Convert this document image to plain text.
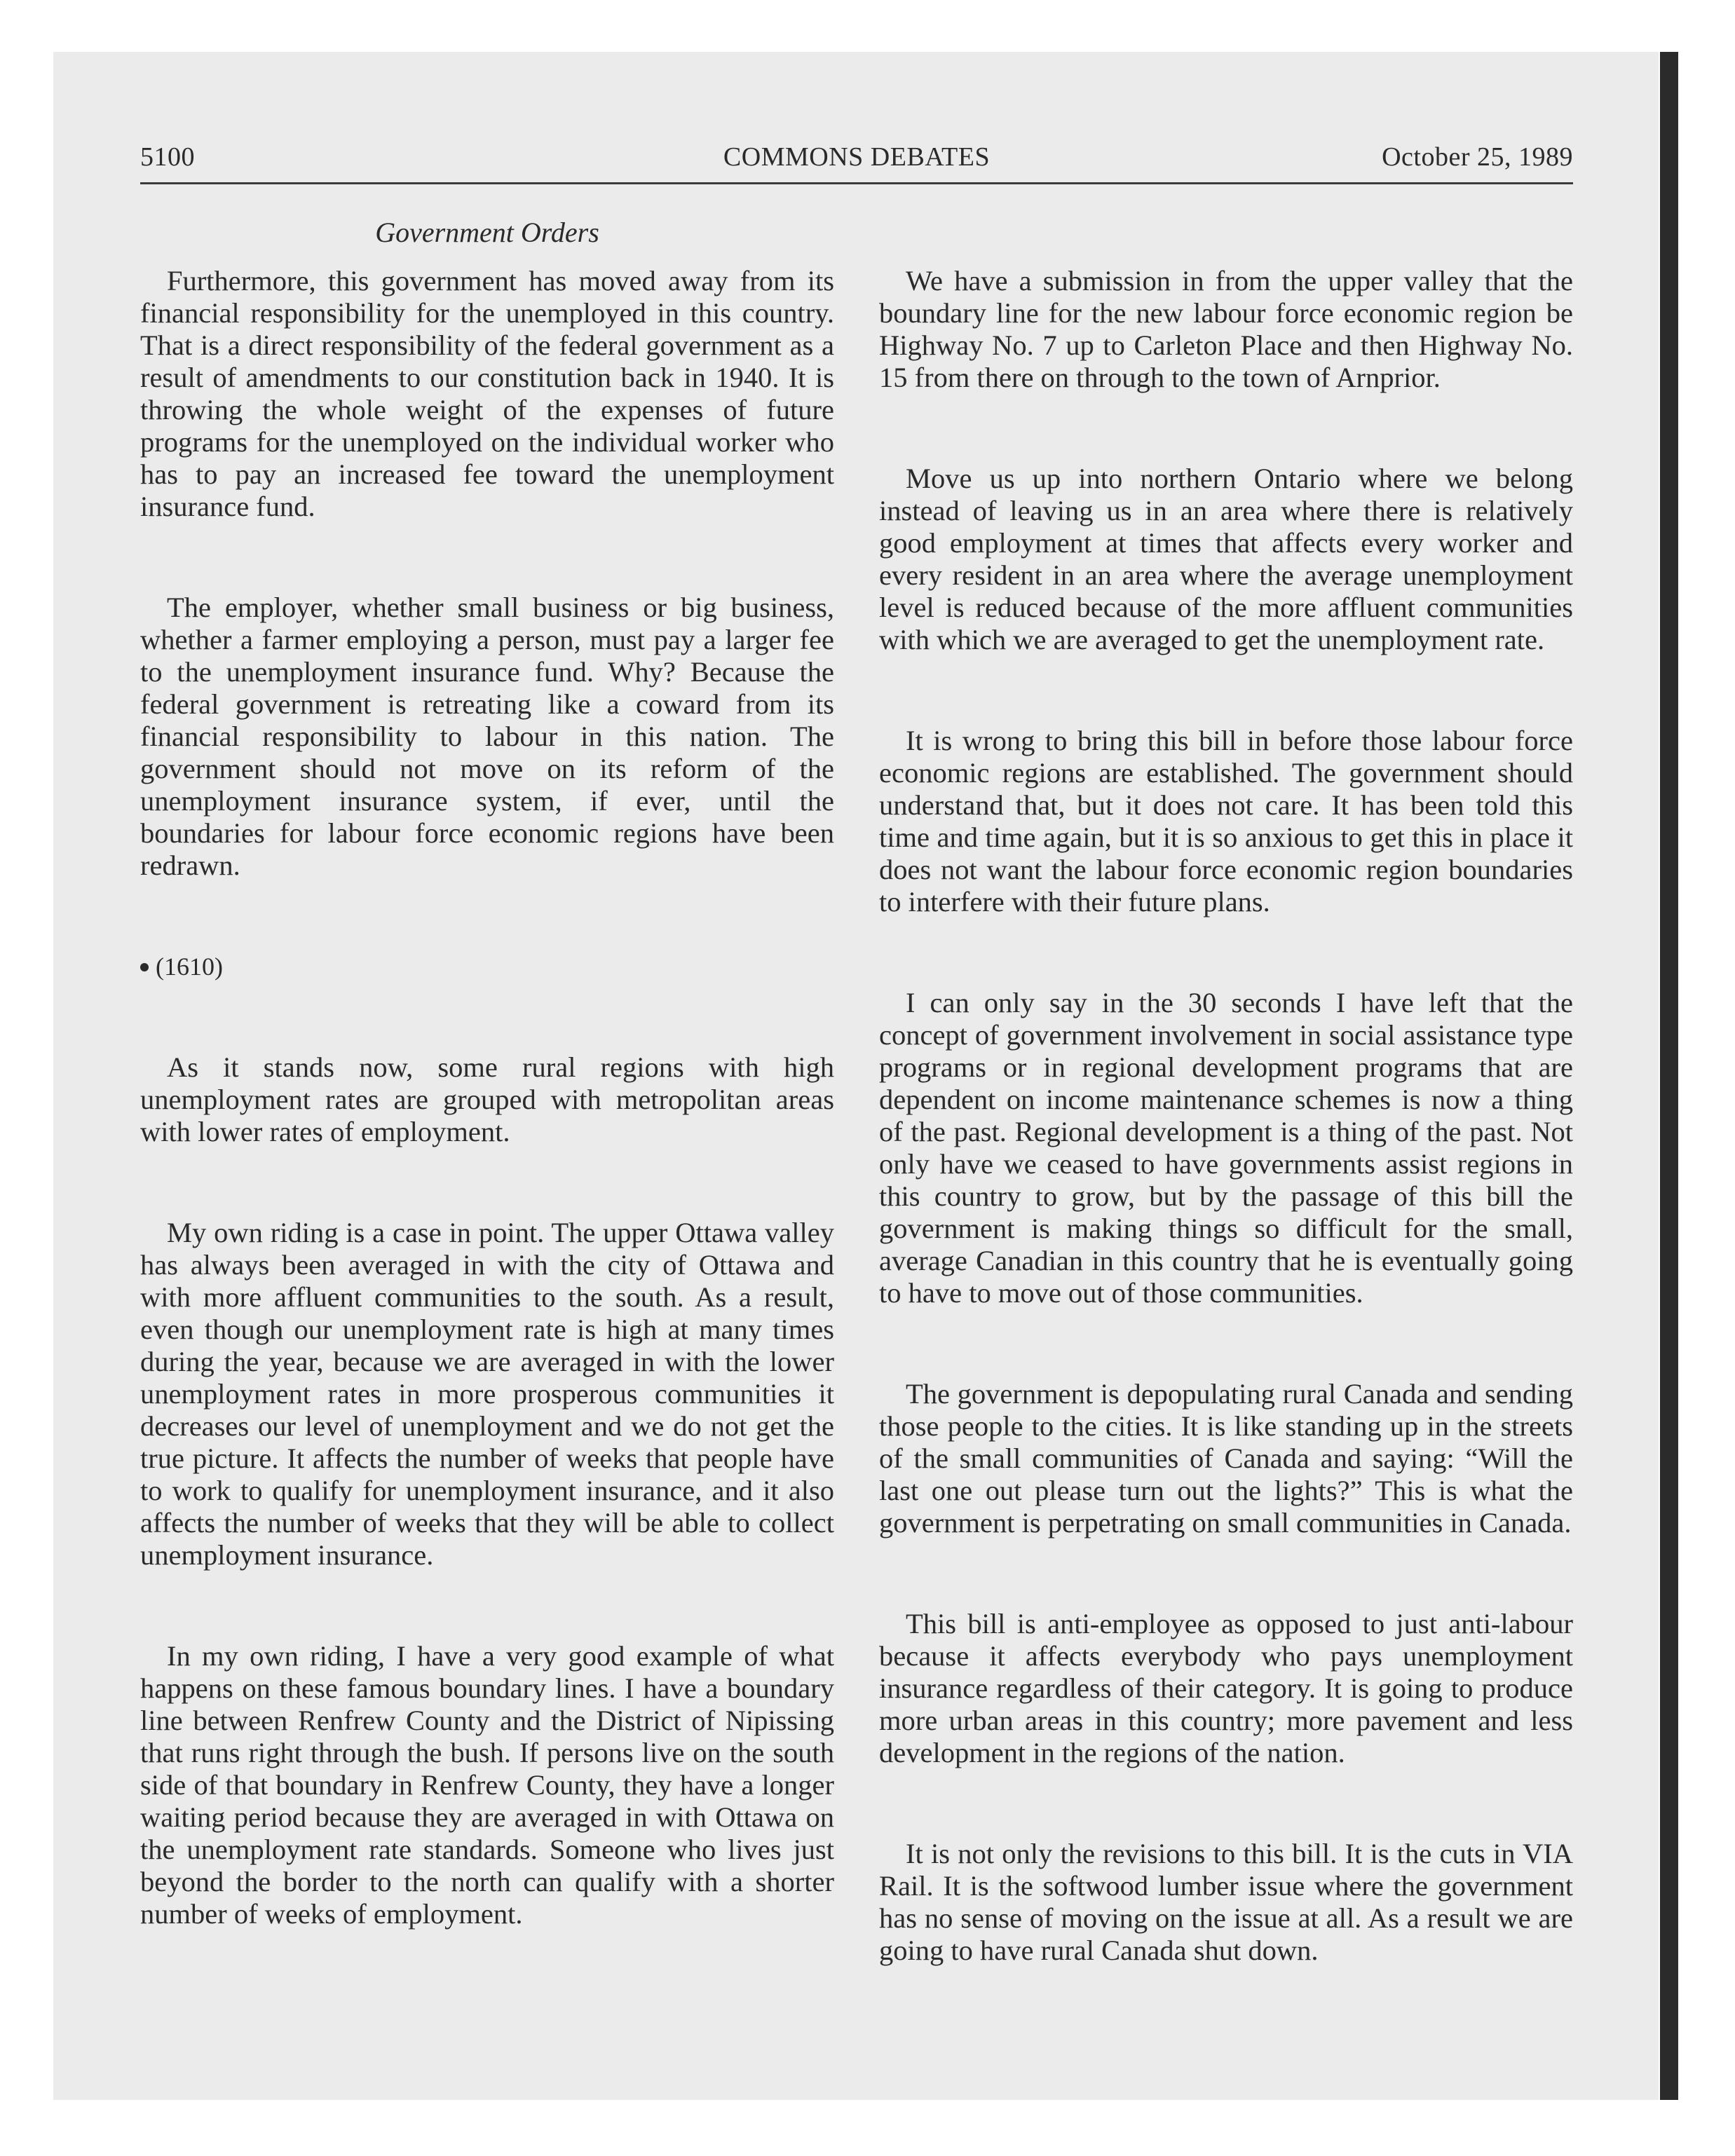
5100	COMMONS DEBATES	October 25, 1989
Government Orders

Furthermore, this government has moved away from its financial responsibility for the unemployed in this country. That is a direct responsibility of the federal government as a result of amendments to our constitution back in 1940. It is throwing the whole weight of the expenses of future programs for the unemployed on the individual worker who has to pay an increased fee toward the unemployment insurance fund.

The employer, whether small business or big business, whether a farmer employing a person, must pay a larger fee to the unemployment insurance fund. Why? Because the federal government is retreating like a coward from its financial responsibility to labour in this nation. The government should not move on its reform of the unemployment insurance system, if ever, until the boundaries for labour force economic regions have been redrawn.

(1610)

As it stands now, some rural regions with high unemployment rates are grouped with metropolitan areas with lower rates of employment.

My own riding is a case in point. The upper Ottawa valley has always been averaged in with the city of Ottawa and with more affluent communities to the south. As a result, even though our unemployment rate is high at many times during the year, because we are averaged in with the lower unemployment rates in more prosperous communities it decreases our level of unemployment and we do not get the true picture. It affects the number of weeks that people have to work to qualify for unemployment insurance, and it also affects the number of weeks that they will be able to collect unemployment insurance.

In my own riding, I have a very good example of what happens on these famous boundary lines. I have a boundary line between Renfrew County and the District of Nipissing that runs right through the bush. If persons live on the south side of that boundary in Renfrew County, they have a longer waiting period because they are averaged in with Ottawa on the unemployment rate standards. Someone who lives just beyond the border to the north can qualify with a shorter number of weeks of employment.

We have a submission in from the upper valley that the boundary line for the new labour force economic region be Highway No. 7 up to Carleton Place and then Highway No. 15 from there on through to the town of Arnprior.

Move us up into northern Ontario where we belong instead of leaving us in an area where there is relatively good employment at times that affects every worker and every resident in an area where the average unemployment level is reduced because of the more affluent communities with which we are averaged to get the unemployment rate.

It is wrong to bring this bill in before those labour force economic regions are established. The government should understand that, but it does not care. It has been told this time and time again, but it is so anxious to get this in place it does not want the labour force economic region boundaries to interfere with their future plans.

I can only say in the 30 seconds I have left that the concept of government involvement in social assistance type programs or in regional development programs that are dependent on income maintenance schemes is now a thing of the past. Regional development is a thing of the past. Not only have we ceased to have governments assist regions in this country to grow, but by the passage of this bill the government is making things so difficult for the small, average Canadian in this country that he is eventually going to have to move out of those communities.

The government is depopulating rural Canada and sending those people to the cities. It is like standing up in the streets of the small communities of Canada and saying: “Will the last one out please turn out the lights?” This is what the government is perpetrating on small communities in Canada.

This bill is anti-employee as opposed to just anti-labour because it affects everybody who pays unemployment insurance regardless of their category. It is going to produce more urban areas in this country; more pavement and less development in the regions of the nation.

It is not only the revisions to this bill. It is the cuts in VIA Rail. It is the softwood lumber issue where the government has no sense of moving on the issue at all. As a result we are going to have rural Canada shut down.
